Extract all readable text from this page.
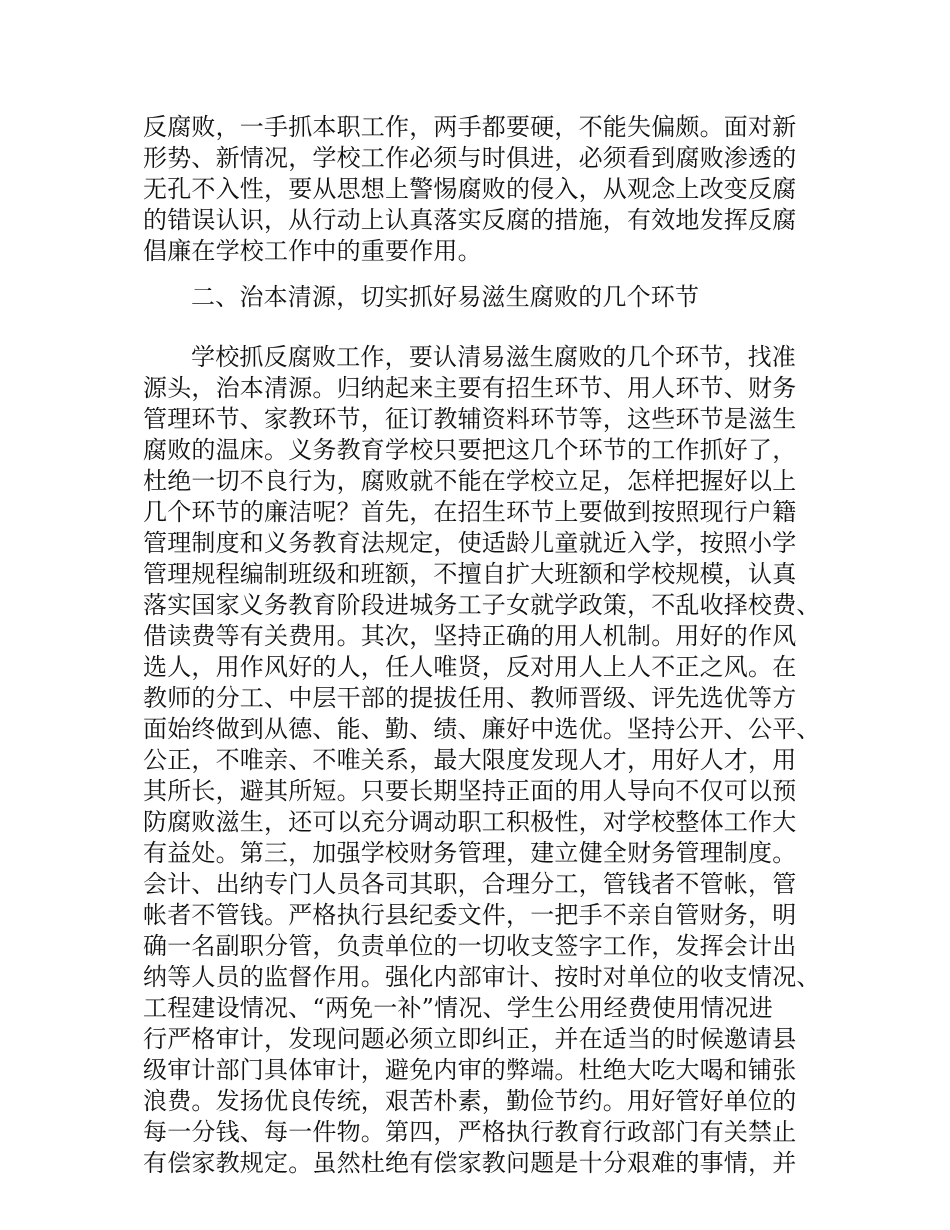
反腐败，一手抓本职工作，两手都要硬，不能失偏颇。面对新
形势、新情况，学校工作必须与时俱进，必须看到腐败渗透的
无孔不入性，要从思想上警惕腐败的侵入，从观念上改变反腐
的错误认识，从行动上认真落实反腐的措施，有效地发挥反腐
倡廉在学校工作中的重要作用。
二、治本清源，切实抓好易滋生腐败的几个环节
学校抓反腐败工作，要认清易滋生腐败的几个环节，找准
源头，治本清源。归纳起来主要有招生环节、用人环节、财务
管理环节、家教环节，征订教辅资料环节等，这些环节是滋生
腐败的温床。义务教育学校只要把这几个环节的工作抓好了，
杜绝一切不良行为，腐败就不能在学校立足，怎样把握好以上
几个环节的廉洁呢？首先，在招生环节上要做到按照现行户籍
管理制度和义务教育法规定，使适龄儿童就近入学，按照小学
管理规程编制班级和班额，不擅自扩大班额和学校规模，认真
落实国家义务教育阶段进城务工子女就学政策，不乱收择校费、
借读费等有关费用。其次，坚持正确的用人机制。用好的作风
选人，用作风好的人，任人唯贤，反对用人上人不正之风。在
教师的分工、中层干部的提拔任用、教师晋级、评先选优等方
面始终做到从德、能、勤、绩、廉好中选优。坚持公开、公平、
公正，不唯亲、不唯关系，最大限度发现人才，用好人才，用
其所长，避其所短。只要长期坚持正面的用人导向不仅可以预
防腐败滋生，还可以充分调动职工积极性，对学校整体工作大
有益处。第三，加强学校财务管理，建立健全财务管理制度。
会计、出纳专门人员各司其职，合理分工，管钱者不管帐，管
帐者不管钱。严格执行县纪委文件，一把手不亲自管财务，明
确一名副职分管，负责单位的一切收支签字工作，发挥会计出
纳等人员的监督作用。强化内部审计、按时对单位的收支情况、
工程建设情况、“两免一补”情况、学生公用经费使用情况进
行严格审计，发现问题必须立即纠正，并在适当的时候邀请县
级审计部门具体审计，避免内审的弊端。杜绝大吃大喝和铺张
浪费。发扬优良传统，艰苦朴素，勤俭节约。用好管好单位的
每一分钱、每一件物。第四，严格执行教育行政部门有关禁止
有偿家教规定。虽然杜绝有偿家教问题是十分艰难的事情，并
